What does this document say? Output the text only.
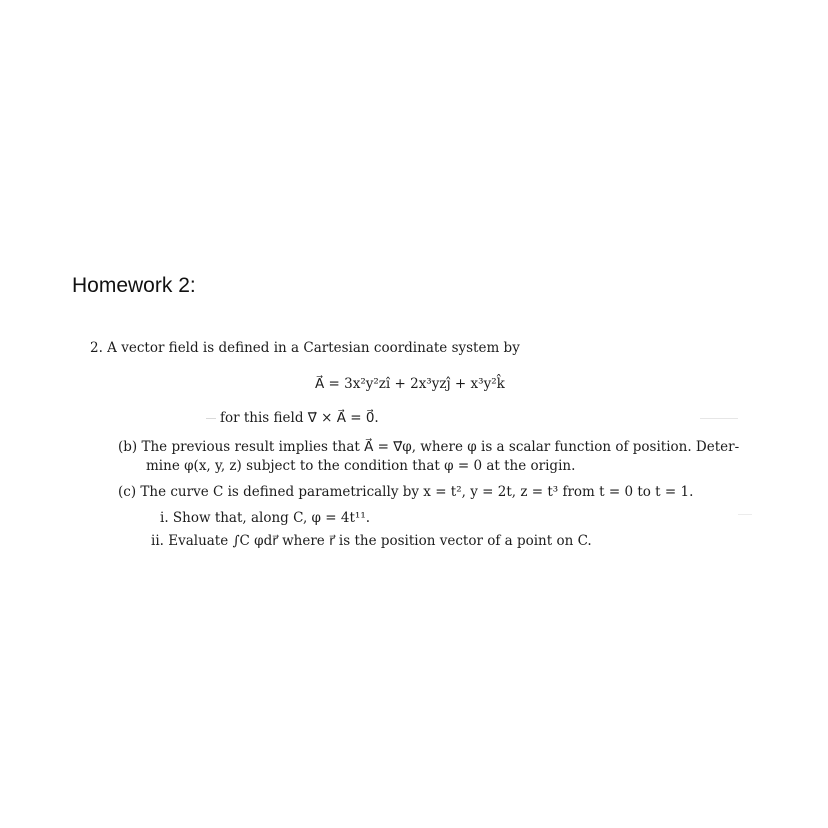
Homework 2:
2. A vector field is defined in a Cartesian coordinate system by
A⃗ = 3x²y²zî + 2x³yzĵ + x³y²k̂
for this field ∇⃗ × A⃗ = 0⃗.
(b) The previous result implies that A⃗ = ∇⃗φ, where φ is a scalar function of position. Deter-
mine φ(x, y, z) subject to the condition that φ = 0 at the origin.
(c) The curve C is defined parametrically by x = t², y = 2t, z = t³ from t = 0 to t = 1.
i. Show that, along C, φ = 4t¹¹.
ii. Evaluate ∫C φdr⃗ where r⃗ is the position vector of a point on C.
